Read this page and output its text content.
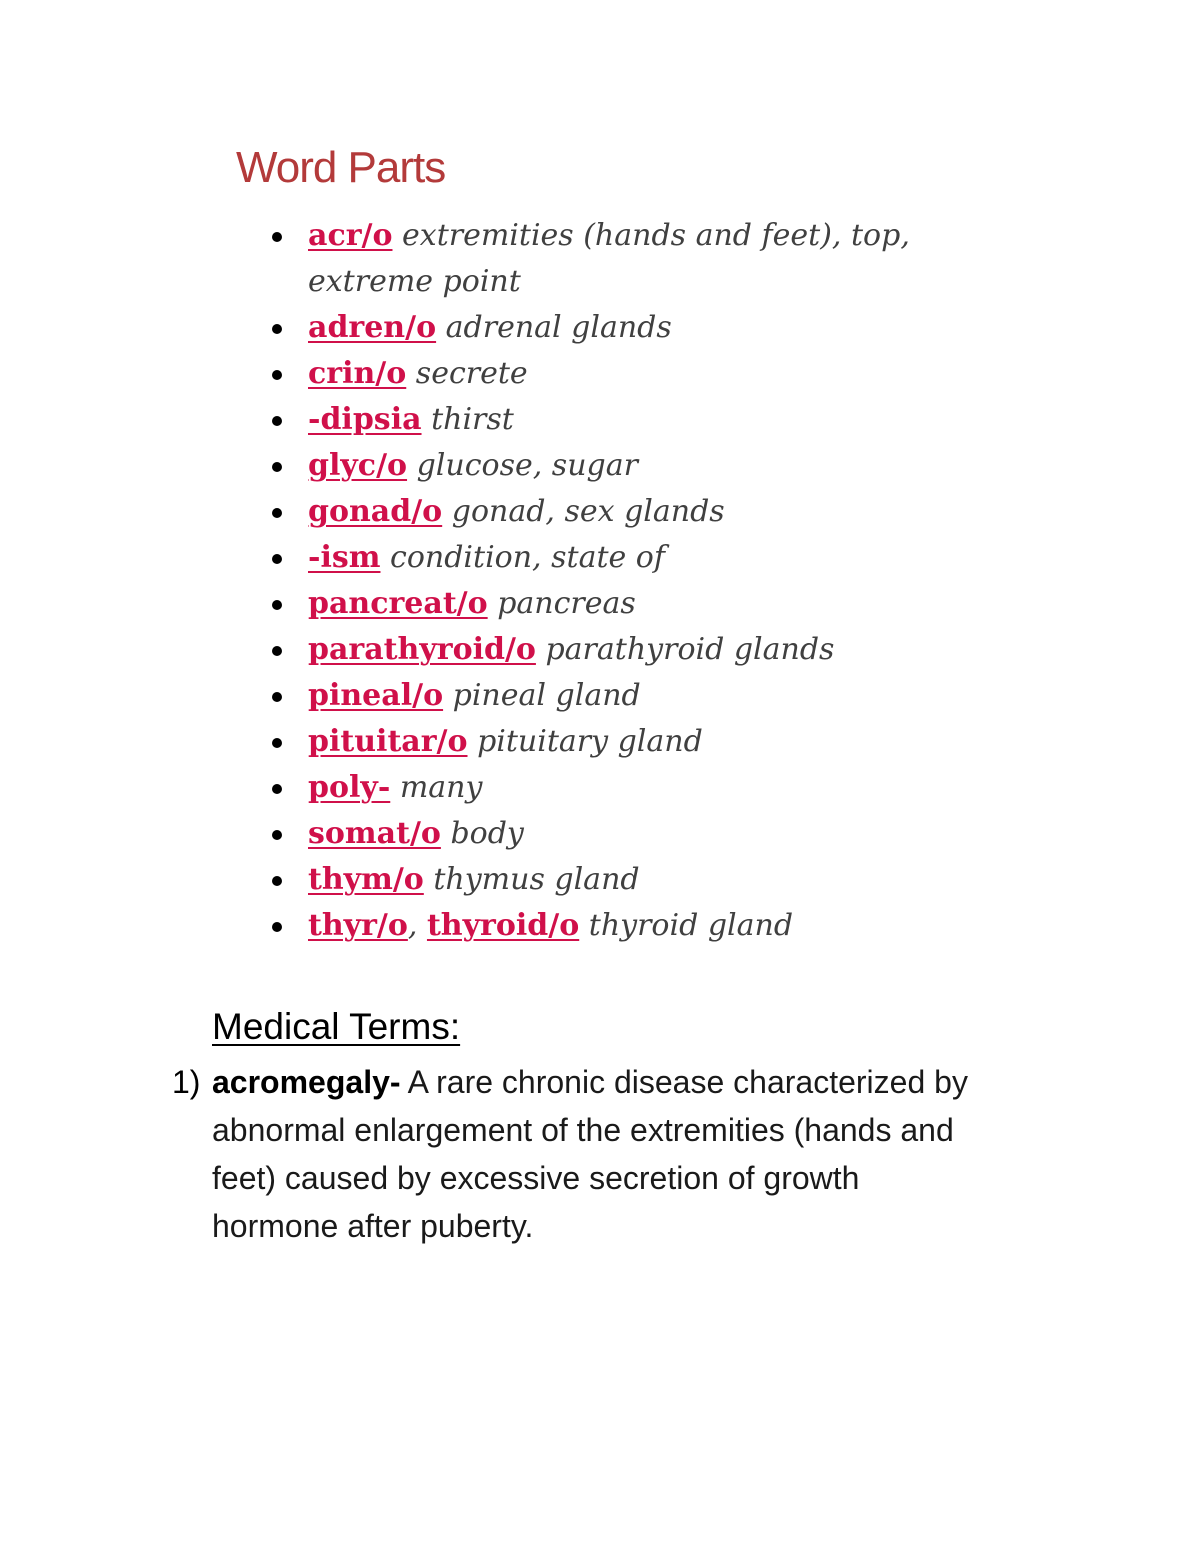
Word Parts
acr/o extremities (hands and feet), top, extreme point
adren/o adrenal glands
crin/o secrete
-dipsia thirst
glyc/o glucose, sugar
gonad/o gonad, sex glands
-ism condition, state of
pancreat/o pancreas
parathyroid/o parathyroid glands
pineal/o pineal gland
pituitar/o pituitary gland
poly- many
somat/o body
thym/o thymus gland
thyr/o, thyroid/o thyroid gland
Medical Terms:
1) acromegaly- A rare chronic disease characterized by abnormal enlargement of the extremities (hands and feet) caused by excessive secretion of growth hormone after puberty.
